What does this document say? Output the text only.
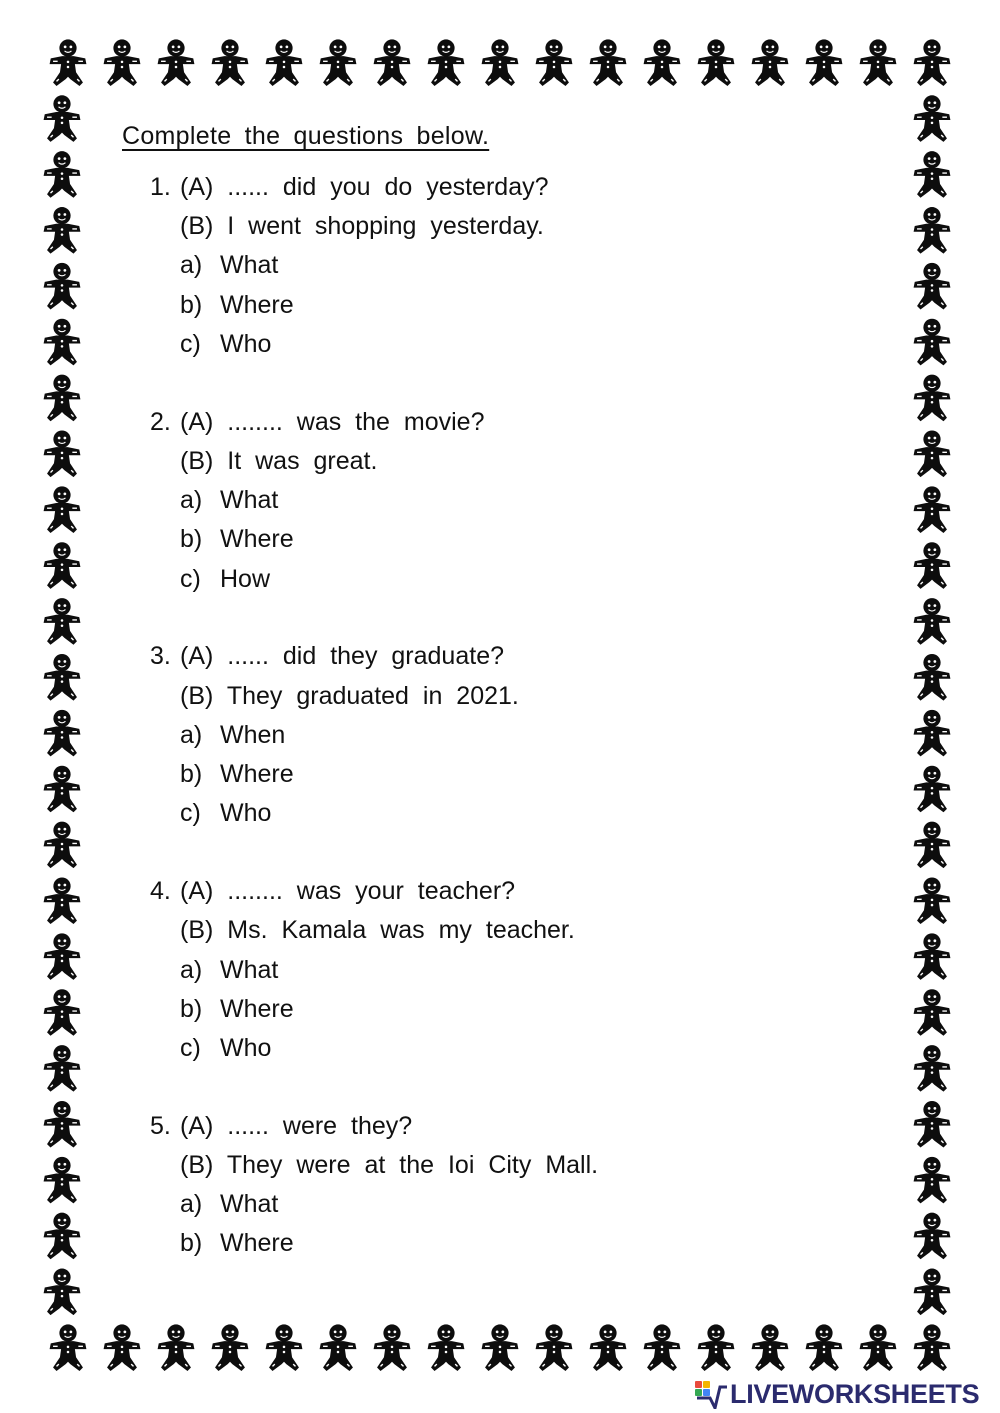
Complete the questions below.
1. (A) ...... did you do yesterday?
(B) I went shopping yesterday.
a) What
b) Where
c) Who
2. (A) ........ was the movie?
(B) It was great.
a) What
b) Where
c) How
3. (A) ...... did they graduate?
(B) They graduated in 2021.
a) When
b) Where
c) Who
4. (A) ........ was your teacher?
(B) Ms. Kamala was my teacher.
a) What
b) Where
c) Who
5. (A) ...... were they?
(B) They were at the Ioi City Mall.
a) What
b) Where
LIVEWORKSHEETS
